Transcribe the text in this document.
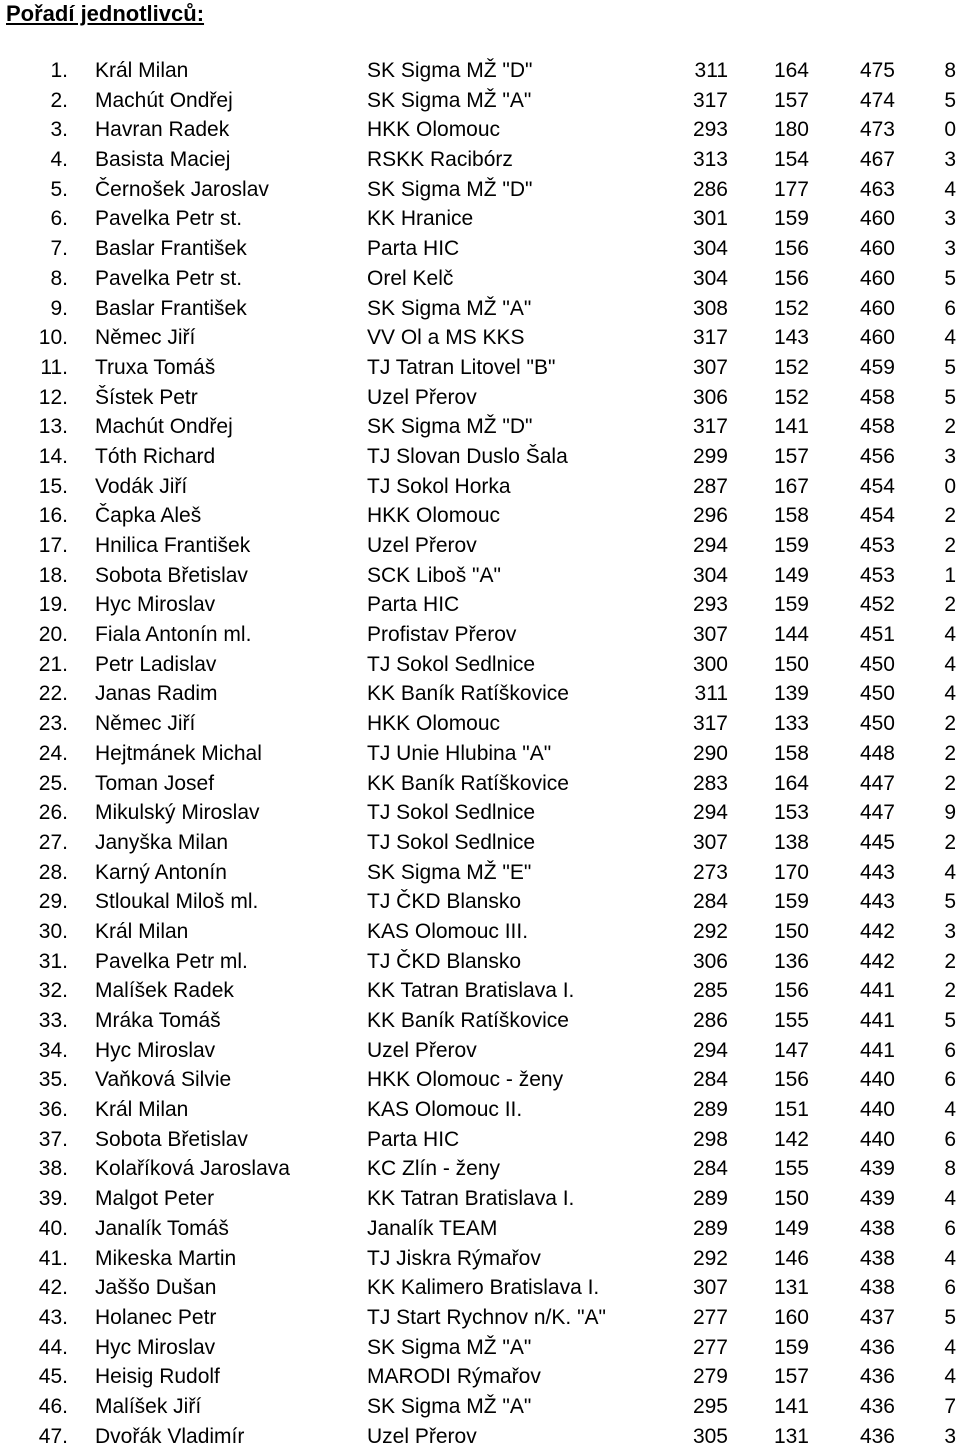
Pořadí jednotlivců:
1. Král Milan	SK Sigma MŽ "D"	311 164 475 8
2. Machút Ondřej	SK Sigma MŽ "A"	317 157 474 5
3. Havran Radek	HKK Olomouc	293 180 473 0
4. Basista Maciej	RSKK Racibórz	313 154 467 3
5. Černošek Jaroslav	SK Sigma MŽ "D"	286 177 463 4
6. Pavelka Petr st.	KK Hranice	301 159 460 3
7. Baslar František	Parta HIC	304 156 460 3
8. Pavelka Petr st.	Orel Kelč	304 156 460 5
9. Baslar František	SK Sigma MŽ "A"	308 152 460 6
10. Němec Jiří	VV Ol a MS KKS	317 143 460 4
11. Truxa Tomáš	TJ Tatran Litovel "B"	307 152 459 5
12. Šístek Petr	Uzel Přerov	306 152 458 5
13. Machút Ondřej	SK Sigma MŽ "D"	317 141 458 2
14. Tóth Richard	TJ Slovan Duslo Šala	299 157 456 3
15. Vodák Jiří	TJ Sokol Horka	287 167 454 0
16. Čapka Aleš	HKK Olomouc	296 158 454 2
17. Hnilica František	Uzel Přerov	294 159 453 2
18. Sobota Břetislav	SCK Liboš "A"	304 149 453 1
19. Hyc Miroslav	Parta HIC	293 159 452 2
20. Fiala Antonín ml.	Profistav Přerov	307 144 451 4
21. Petr Ladislav	TJ Sokol Sedlnice	300 150 450 4
22. Janas Radim	KK Baník Ratíškovice	311 139 450 4
23. Němec Jiří	HKK Olomouc	317 133 450 2
24. Hejtmánek Michal	TJ Unie Hlubina "A"	290 158 448 2
25. Toman Josef	KK Baník Ratíškovice	283 164 447 2
26. Mikulský Miroslav	TJ Sokol Sedlnice	294 153 447 9
27. Janyška Milan	TJ Sokol Sedlnice	307 138 445 2
28. Karný Antonín	SK Sigma MŽ "E"	273 170 443 4
29. Stloukal Miloš ml.	TJ ČKD Blansko	284 159 443 5
30. Král Milan	KAS Olomouc III.	292 150 442 3
31. Pavelka Petr ml.	TJ ČKD Blansko	306 136 442 2
32. Malíšek Radek	KK Tatran Bratislava I.	285 156 441 2
33. Mráka Tomáš	KK Baník Ratíškovice	286 155 441 5
34. Hyc Miroslav	Uzel Přerov	294 147 441 6
35. Vaňková Silvie	HKK Olomouc - ženy	284 156 440 6
36. Král Milan	KAS Olomouc II.	289 151 440 4
37. Sobota Břetislav	Parta HIC	298 142 440 6
38. Kolaříková Jaroslava	KC Zlín - ženy	284 155 439 8
39. Malgot Peter	KK Tatran Bratislava I.	289 150 439 4
40. Janalík Tomáš	Janalík TEAM	289 149 438 6
41. Mikeska Martin	TJ Jiskra Rýmařov	292 146 438 4
42. Jaššo Dušan	KK Kalimero Bratislava I.	307 131 438 6
43. Holanec Petr	TJ Start Rychnov n/K. "A"	277 160 437 5
44. Hyc Miroslav	SK Sigma MŽ "A"	277 159 436 4
45. Heisig Rudolf	MARODI Rýmařov	279 157 436 4
46. Malíšek Jiří	SK Sigma MŽ "A"	295 141 436 7
47. Dvořák Vladimír	Uzel Přerov	305 131 436 3
